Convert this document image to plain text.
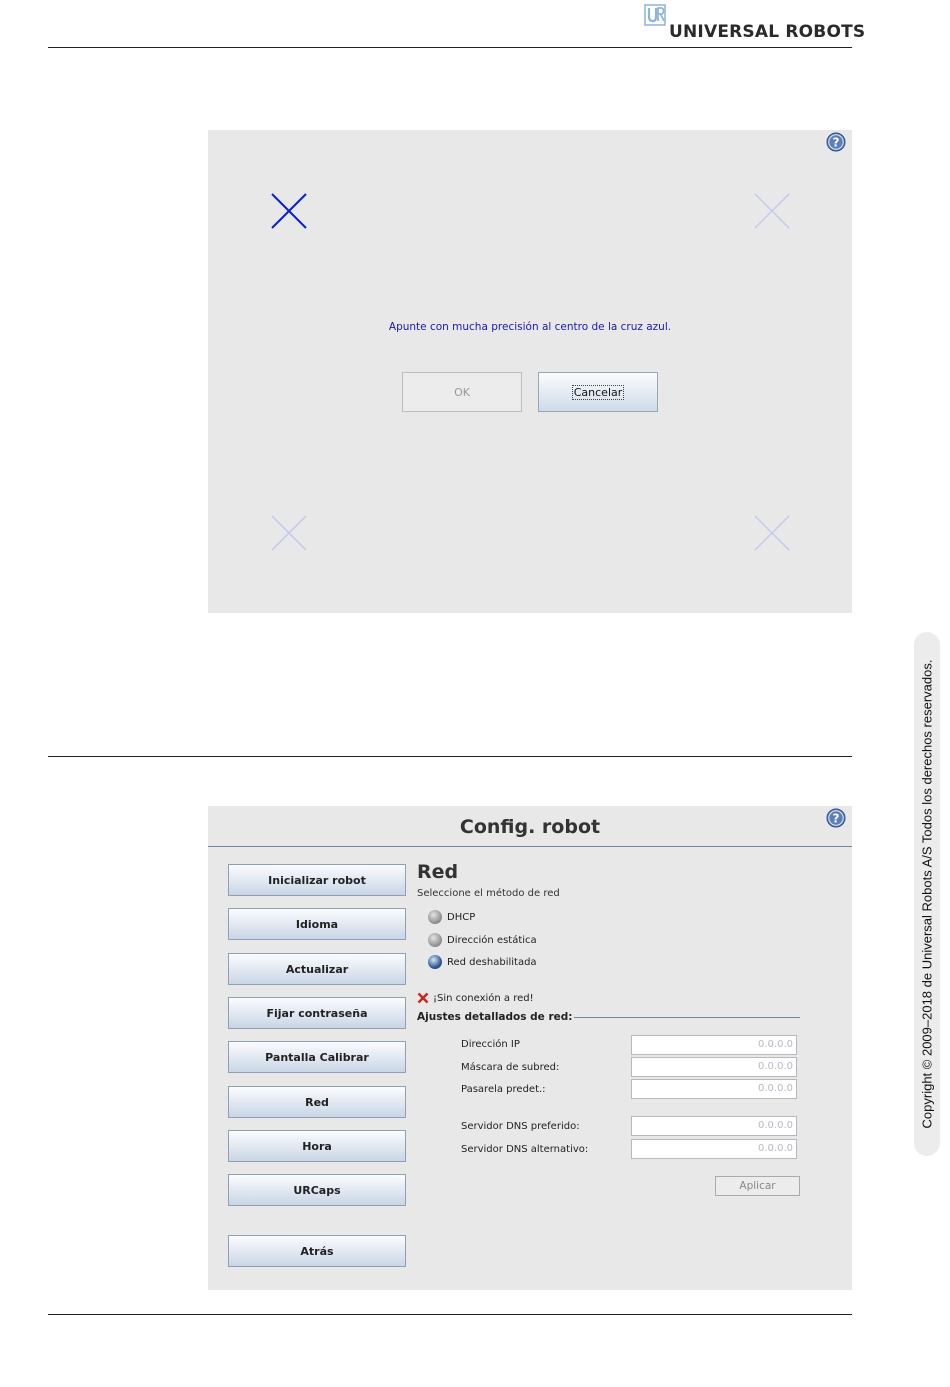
UNIVERSAL ROBOTS
?
Apunte con mucha precisión al centro de la cruz azul.
OK	Cancelar
Config. robot	?
Inicializar robot
Idioma
Actualizar
Fijar contraseña
Pantalla Calibrar
Red
Hora
URCaps
Atrás
Red
Seleccione el método de red
DHCP
Dirección estática
Red deshabilitada
¡Sin conexión a red!
Ajustes detallados de red:
Dirección IP	0.0.0.0
Máscara de subred:	0.0.0.0
Pasarela predet.:	0.0.0.0
Servidor DNS preferido:	0.0.0.0
Servidor DNS alternativo:	0.0.0.0
Aplicar
Copyright © 2009–2018 de Universal Robots A/S Todos los derechos reservados.
